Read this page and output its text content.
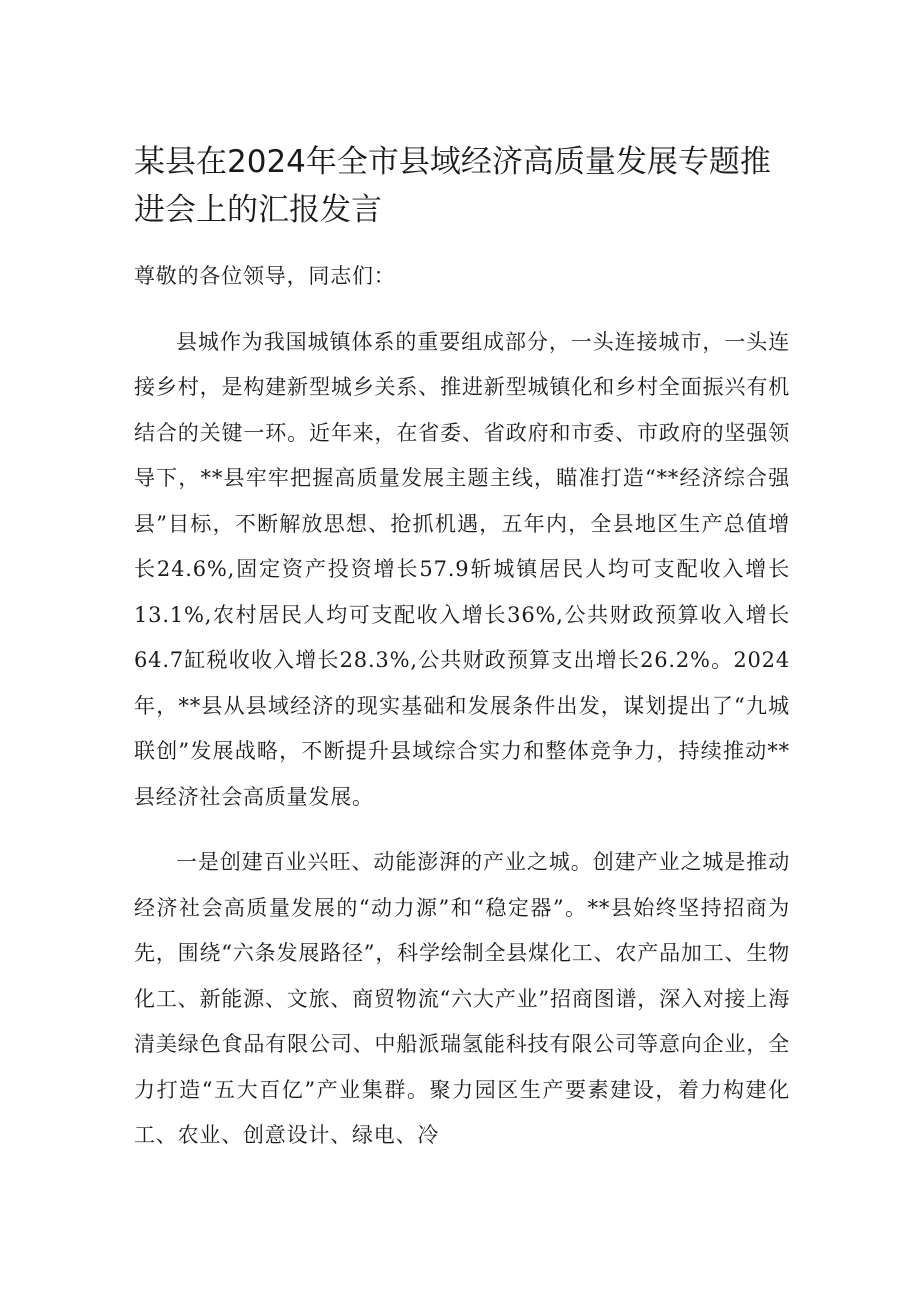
某县在2024年全市县域经济高质量发展专题推进会上的汇报发言

尊敬的各位领导，同志们：

县城作为我国城镇体系的重要组成部分，一头连接城市，一头连接乡村，是构建新型城乡关系、推进新型城镇化和乡村全面振兴有机结合的关键一环。近年来，在省委、省政府和市委、市政府的坚强领导下，**县牢牢把握高质量发展主题主线，瞄准打造“**经济综合强县”目标，不断解放思想、抢抓机遇，五年内，全县地区生产总值增长24.6%,固定资产投资增长57.9斩城镇居民人均可支配收入增长13.1%,农村居民人均可支配收入增长36%,公共财政预算收入增长64.7缸税收收入增长28.3%,公共财政预算支出增长26.2%。2024年，**县从县域经济的现实基础和发展条件出发，谋划提出了“九城联创”发展战略，不断提升县域综合实力和整体竞争力，持续推动**县经济社会高质量发展。

一是创建百业兴旺、动能澎湃的产业之城。创建产业之城是推动经济社会高质量发展的“动力源”和“稳定器”。**县始终坚持招商为先，围绕“六条发展路径”，科学绘制全县煤化工、农产品加工、生物化工、新能源、文旅、商贸物流“六大产业”招商图谱，深入对接上海清美绿色食品有限公司、中船派瑞氢能科技有限公司等意向企业，全力打造“五大百亿”产业集群。聚力园区生产要素建设，着力构建化工、农业、创意设计、绿电、冷
